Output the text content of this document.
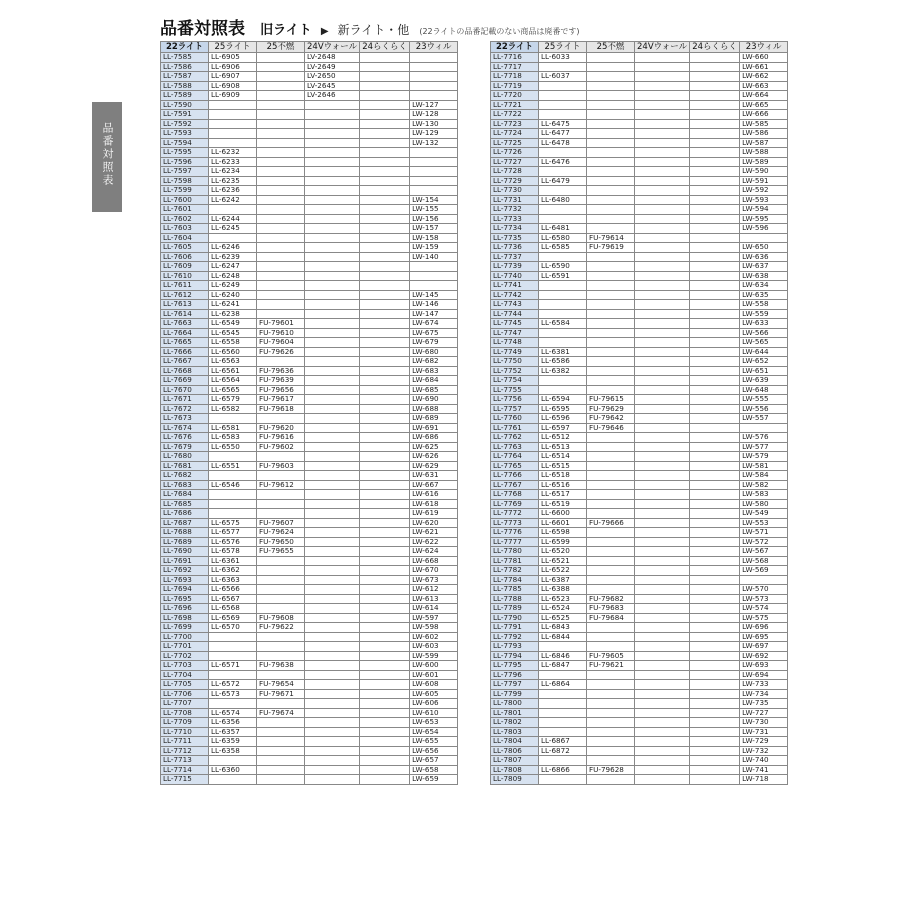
品番対照表 旧ライト ▶ 新ライト・他 (22ライトの品番記載のない商品は廃番です)
品番対照表
22ライト	25ライト	25不燃	24Vウォール	24らくらく	23ウィル
LL-7585	LL-6905		LV-2648		
LL-7586	LL-6906		LV-2649		
LL-7587	LL-6907		LV-2650		
LL-7588	LL-6908		LV-2645		
LL-7589	LL-6909		LV-2646		
LL-7590					LW-127
LL-7591					LW-128
LL-7592					LW-130
LL-7593					LW-129
LL-7594					LW-132
LL-7595	LL-6232				
LL-7596	LL-6233				
LL-7597	LL-6234				
LL-7598	LL-6235				
LL-7599	LL-6236				
LL-7600	LL-6242				LW-154
LL-7601					LW-155
LL-7602	LL-6244				LW-156
LL-7603	LL-6245				LW-157
LL-7604					LW-158
LL-7605	LL-6246				LW-159
LL-7606	LL-6239				LW-140
LL-7609	LL-6247				
LL-7610	LL-6248				
LL-7611	LL-6249				
LL-7612	LL-6240				LW-145
LL-7613	LL-6241				LW-146
LL-7614	LL-6238				LW-147
LL-7663	LL-6549	FU-79601			LW-674
LL-7664	LL-6545	FU-79610			LW-675
LL-7665	LL-6558	FU-79604			LW-679
LL-7666	LL-6560	FU-79626			LW-680
LL-7667	LL-6563				LW-682
LL-7668	LL-6561	FU-79636			LW-683
LL-7669	LL-6564	FU-79639			LW-684
LL-7670	LL-6565	FU-79656			LW-685
LL-7671	LL-6579	FU-79617			LW-690
LL-7672	LL-6582	FU-79618			LW-688
LL-7673					LW-689
LL-7674	LL-6581	FU-79620			LW-691
LL-7676	LL-6583	FU-79616			LW-686
LL-7679	LL-6550	FU-79602			LW-625
LL-7680					LW-626
LL-7681	LL-6551	FU-79603			LW-629
LL-7682					LW-631
LL-7683	LL-6546	FU-79612			LW-667
LL-7684					LW-616
LL-7685					LW-618
LL-7686					LW-619
LL-7687	LL-6575	FU-79607			LW-620
LL-7688	LL-6577	FU-79624			LW-621
LL-7689	LL-6576	FU-79650			LW-622
LL-7690	LL-6578	FU-79655			LW-624
LL-7691	LL-6361				LW-668
LL-7692	LL-6362				LW-670
LL-7693	LL-6363				LW-673
LL-7694	LL-6566				LW-612
LL-7695	LL-6567				LW-613
LL-7696	LL-6568				LW-614
LL-7698	LL-6569	FU-79608			LW-597
LL-7699	LL-6570	FU-79622			LW-598
LL-7700					LW-602
LL-7701					LW-603
LL-7702					LW-599
LL-7703	LL-6571	FU-79638			LW-600
LL-7704					LW-601
LL-7705	LL-6572	FU-79654			LW-608
LL-7706	LL-6573	FU-79671			LW-605
LL-7707					LW-606
LL-7708	LL-6574	FU-79674			LW-610
LL-7709	LL-6356				LW-653
LL-7710	LL-6357				LW-654
LL-7711	LL-6359				LW-655
LL-7712	LL-6358				LW-656
LL-7713					LW-657
LL-7714	LL-6360				LW-658
LL-7715					LW-659
22ライト	25ライト	25不燃	24Vウォール	24らくらく	23ウィル
LL-7716	LL-6033				LW-660
LL-7717					LW-661
LL-7718	LL-6037				LW-662
LL-7719					LW-663
LL-7720					LW-664
LL-7721					LW-665
LL-7722					LW-666
LL-7723	LL-6475				LW-585
LL-7724	LL-6477				LW-586
LL-7725	LL-6478				LW-587
LL-7726					LW-588
LL-7727	LL-6476				LW-589
LL-7728					LW-590
LL-7729	LL-6479				LW-591
LL-7730					LW-592
LL-7731	LL-6480				LW-593
LL-7732					LW-594
LL-7733					LW-595
LL-7734	LL-6481				LW-596
LL-7735	LL-6580	FU-79614			
LL-7736	LL-6585	FU-79619			LW-650
LL-7737					LW-636
LL-7739	LL-6590				LW-637
LL-7740	LL-6591				LW-638
LL-7741					LW-634
LL-7742					LW-635
LL-7743					LW-558
LL-7744					LW-559
LL-7745	LL-6584				LW-633
LL-7747					LW-566
LL-7748					LW-565
LL-7749	LL-6381				LW-644
LL-7750	LL-6586				LW-652
LL-7752	LL-6382				LW-651
LL-7754					LW-639
LL-7755					LW-648
LL-7756	LL-6594	FU-79615			LW-555
LL-7757	LL-6595	FU-79629			LW-556
LL-7760	LL-6596	FU-79642			LW-557
LL-7761	LL-6597	FU-79646			
LL-7762	LL-6512				LW-576
LL-7763	LL-6513				LW-577
LL-7764	LL-6514				LW-579
LL-7765	LL-6515				LW-581
LL-7766	LL-6518				LW-584
LL-7767	LL-6516				LW-582
LL-7768	LL-6517				LW-583
LL-7769	LL-6519				LW-580
LL-7772	LL-6600				LW-549
LL-7773	LL-6601	FU-79666			LW-553
LL-7776	LL-6598				LW-571
LL-7777	LL-6599				LW-572
LL-7780	LL-6520				LW-567
LL-7781	LL-6521				LW-568
LL-7782	LL-6522				LW-569
LL-7784	LL-6387				
LL-7785	LL-6388				LW-570
LL-7788	LL-6523	FU-79682			LW-573
LL-7789	LL-6524	FU-79683			LW-574
LL-7790	LL-6525	FU-79684			LW-575
LL-7791	LL-6843				LW-696
LL-7792	LL-6844				LW-695
LL-7793					LW-697
LL-7794	LL-6846	FU-79605			LW-692
LL-7795	LL-6847	FU-79621			LW-693
LL-7796					LW-694
LL-7797	LL-6864				LW-733
LL-7799					LW-734
LL-7800					LW-735
LL-7801					LW-727
LL-7802					LW-730
LL-7803					LW-731
LL-7804	LL-6867				LW-729
LL-7806	LL-6872				LW-732
LL-7807					LW-740
LL-7808	LL-6866	FU-79628			LW-741
LL-7809					LW-718
